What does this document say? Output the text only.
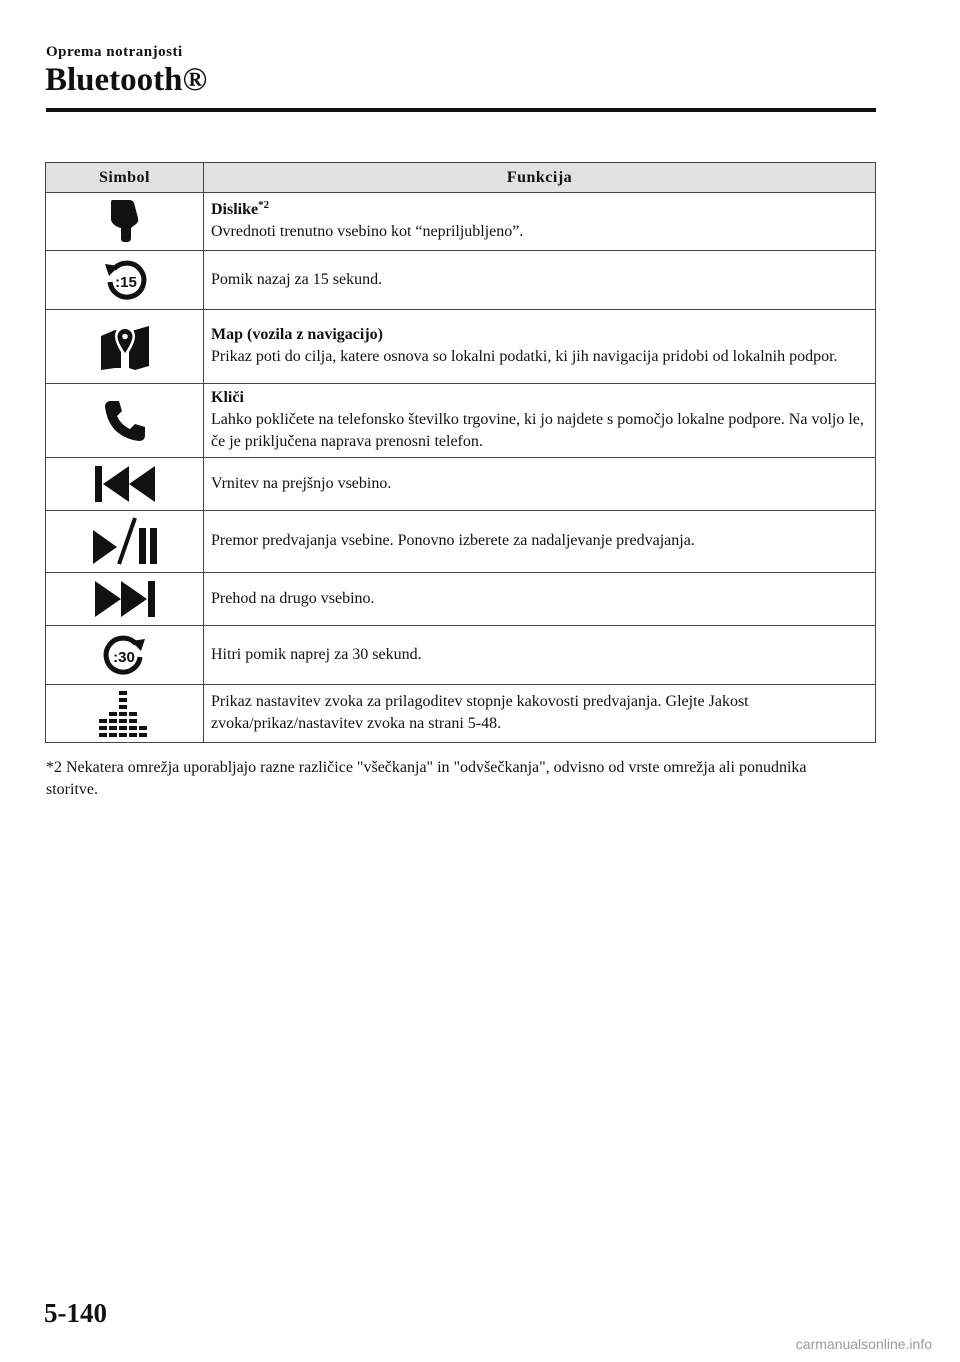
Oprema notranjosti
Bluetooth®
Simbol	Funkcija

Dislike$^{*2}$
Ovrednoti trenutno vsebino kot “nepriljubljeno”.

:15	Pomik nazaj za 15 sekund.

Map (vozila z navigacijo)
Prikaz poti do cilja, katere osnova so lokalni podatki, ki jih navigacija pridobi od lokalnih podpor.

Kliči
Lahko pokličete na telefonsko številko trgovine, ki jo najdete s pomočjo lokalne podpore. Na voljo le, če je priključena naprava prenosni telefon.

Vrnitev na prejšnjo vsebino.

Premor predvajanja vsebine. Ponovno izberete za nadaljevanje predvajanja.

Prehod na drugo vsebino.

:30	Hitri pomik naprej za 30 sekund.

Prikaz nastavitev zvoka za prilagoditev stopnje kakovosti predvajanja. Glejte Jakost zvoka/prikaz/nastavitev zvoka na strani 5-48.
*2 Nekatera omrežja uporabljajo razne različice "všečkanja" in "odvšečkanja", odvisno od vrste omrežja ali ponudnika storitve.
5-140
carmanualsonline.info
